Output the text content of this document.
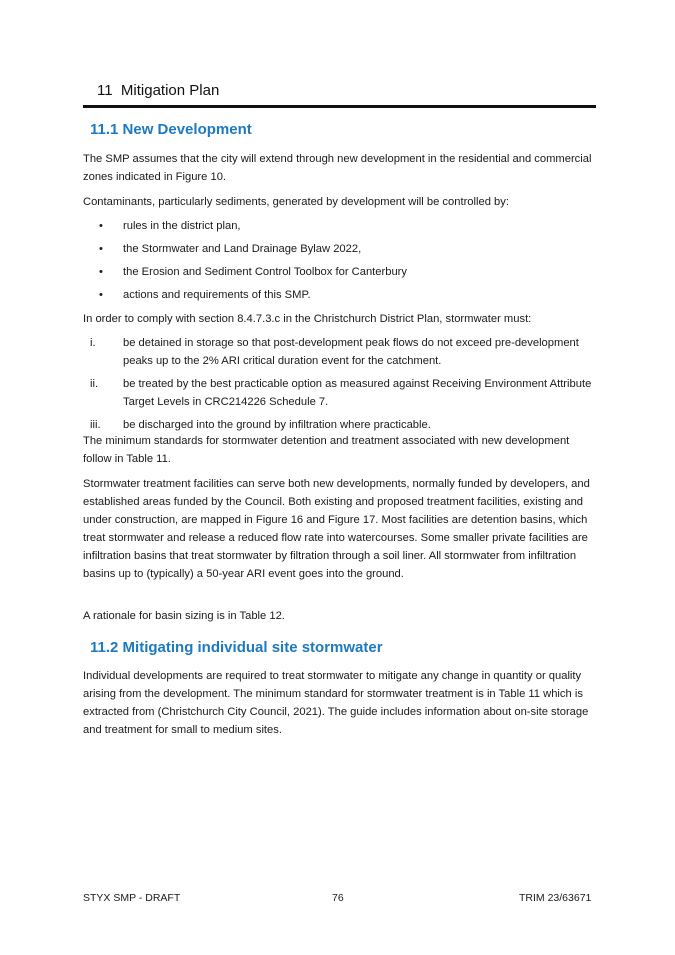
11 Mitigation Plan
11.1 New Development
The SMP assumes that the city will extend through new development in the residential and commercial zones indicated in Figure 10.
Contaminants, particularly sediments, generated by development will be controlled by:
• rules in the district plan,
• the Stormwater and Land Drainage Bylaw 2022,
• the Erosion and Sediment Control Toolbox for Canterbury
• actions and requirements of this SMP.
In order to comply with section 8.4.7.3.c in the Christchurch District Plan, stormwater must:
i.	be detained in storage so that post-development peak flows do not exceed pre-development peaks up to the 2% ARI critical duration event for the catchment.
ii.	be treated by the best practicable option as measured against Receiving Environment Attribute Target Levels in CRC214226 Schedule 7.
iii.	be discharged into the ground by infiltration where practicable.
The minimum standards for stormwater detention and treatment associated with new development follow in Table 11.
Stormwater treatment facilities can serve both new developments, normally funded by developers, and established areas funded by the Council. Both existing and proposed treatment facilities, existing and under construction, are mapped in Figure 16 and Figure 17. Most facilities are detention basins, which treat stormwater and release a reduced flow rate into watercourses. Some smaller private facilities are infiltration basins that treat stormwater by filtration through a soil liner. All stormwater from infiltration basins up to (typically) a 50-year ARI event goes into the ground.
A rationale for basin sizing is in Table 12.
11.2 Mitigating individual site stormwater
Individual developments are required to treat stormwater to mitigate any change in quantity or quality arising from the development. The minimum standard for stormwater treatment is in Table 11 which is extracted from (Christchurch City Council, 2021). The guide includes information about on-site storage and treatment for small to medium sites.
STYX SMP - DRAFT	76	TRIM 23/63671
